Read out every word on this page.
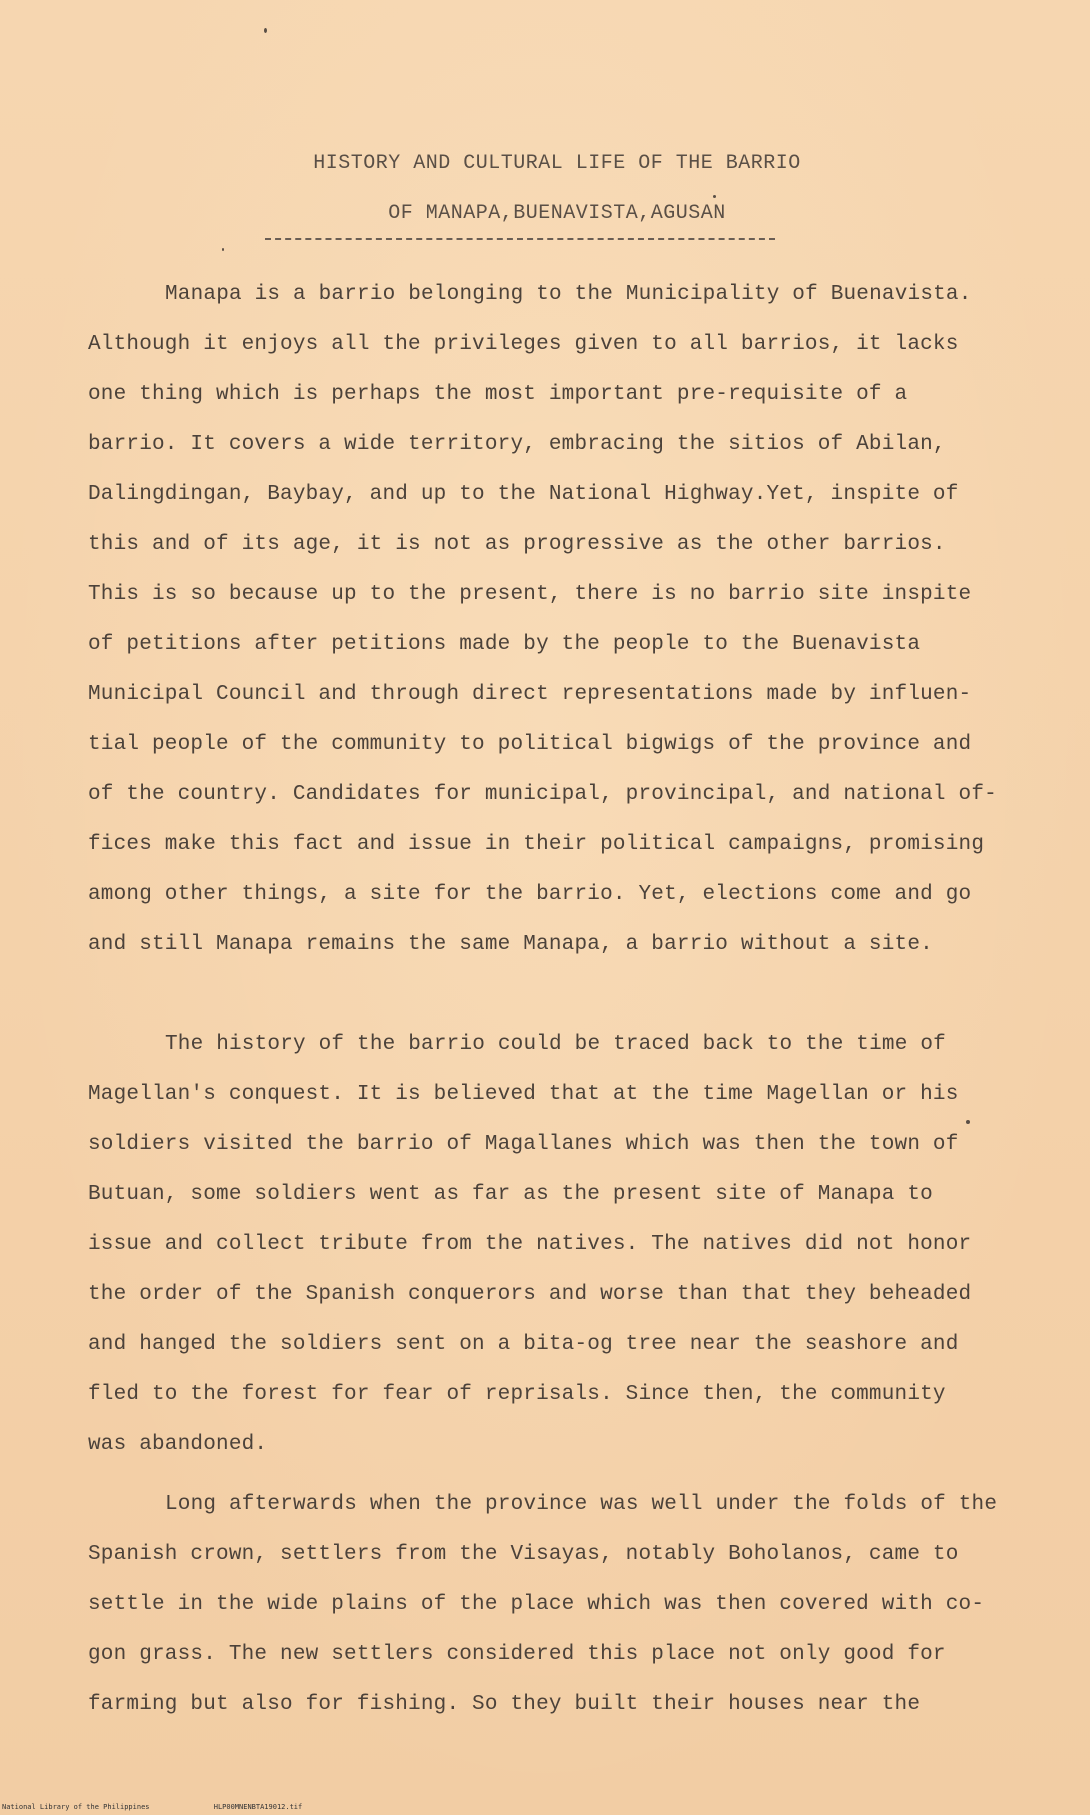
HISTORY AND CULTURAL LIFE OF THE BARRIO
OF MANAPA,BUENAVISTA,AGUSAN
Manapa is a barrio belonging to the Municipality of Buenavista.
Although it enjoys all the privileges given to all barrios, it lacks
one thing which is perhaps the most important pre-requisite of a
barrio. It covers a wide territory, embracing the sitios of Abilan,
Dalingdingan, Baybay, and up to the National Highway.Yet, inspite of
this and of its age, it is not as progressive as the other barrios.
This is so because up to the present, there is no barrio site inspite
of petitions after petitions made by the people to the Buenavista
Municipal Council and through direct representations made by influen-
tial people of the community to political bigwigs of the province and
of the country. Candidates for municipal, provincipal, and national of-
fices make this fact and issue in their political campaigns, promising
among other things, a site for the barrio. Yet, elections come and go
and still Manapa remains the same Manapa, a barrio without a site.
The history of the barrio could be traced back to the time of
Magellan's conquest. It is believed that at the time Magellan or his
soldiers visited the barrio of Magallanes which was then the town of
Butuan, some soldiers went as far as the present site of Manapa to
issue and collect tribute from the natives. The natives did not honor
the order of the Spanish conquerors and worse than that they beheaded
and hanged the soldiers sent on a bita-og tree near the seashore and
fled to the forest for fear of reprisals. Since then, the community
was abandoned.
Long afterwards when the province was well under the folds of the
Spanish crown, settlers from the Visayas, notably Boholanos, came to
settle in the wide plains of the place which was then covered with co-
gon grass. The new settlers considered this place not only good for
farming but also for fishing. So they built their houses near the
National Library of the Philippines	HLP00MNENBTA19012.tif
